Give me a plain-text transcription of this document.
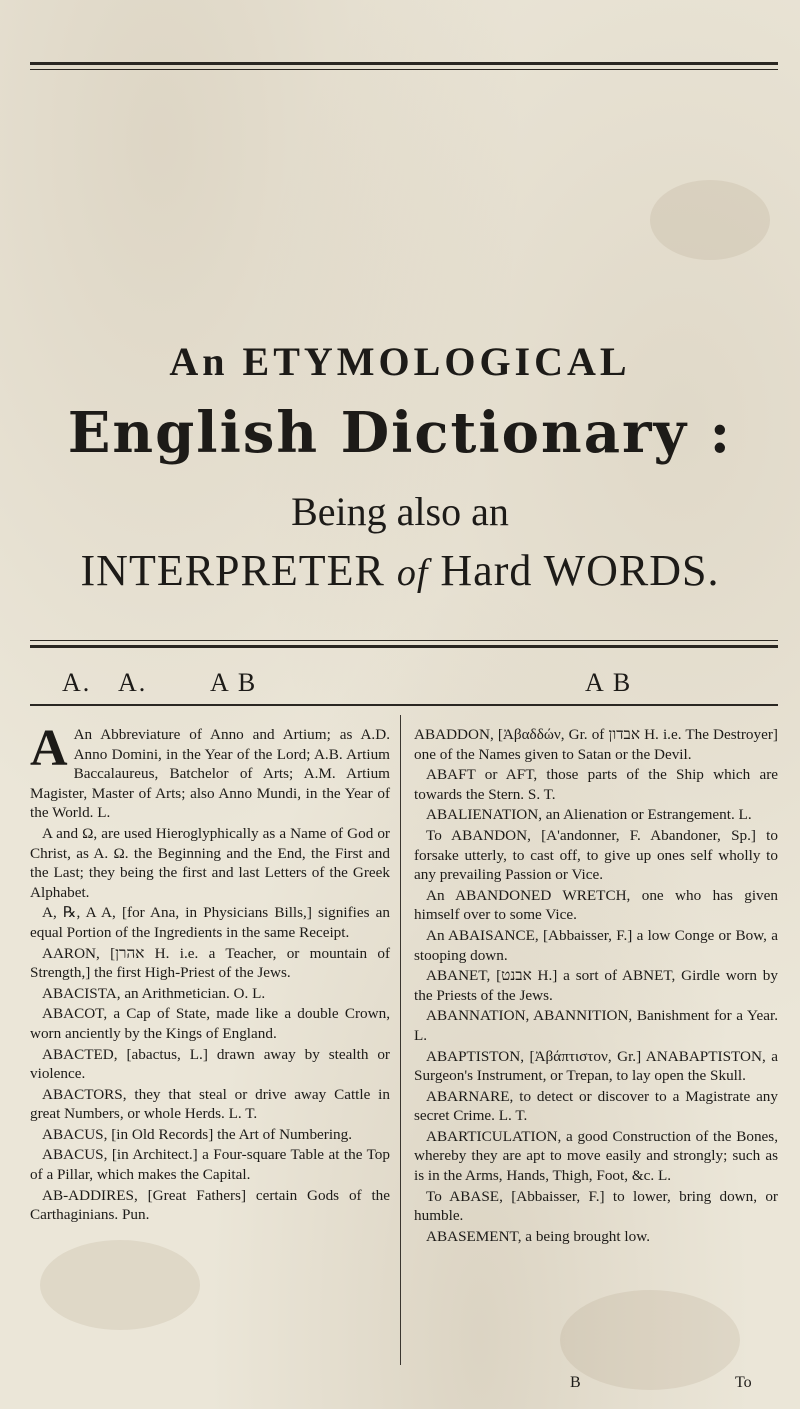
An ETYMOLOGICAL
English Dictionary :
Being also an
INTERPRETER of Hard WORDS.
A. A. A B	A B

A An Abbreviature of Anno and Artium; as A.D. Anno Domini, in the Year of the Lord; A.B. Artium Baccalaureus, Batchelor of Arts; A.M. Artium Magister, Master of Arts; also Anno Mundi, in the Year of the World. L.

A and Ω, are used Hieroglyphically as a Name of God or Christ, as A. Ω. the Beginning and the End, the First and the Last; they being the first and last Letters of the Greek Alphabet.

A, ℞, A A, [for Ana, in Physicians Bills,] signifies an equal Portion of the Ingredients in the same Receipt.

AARON, [אהרן H. i.e. a Teacher, or mountain of Strength,] the first High-Priest of the Jews.

ABACISTA, an Arithmetician. O. L.

ABACOT, a Cap of State, made like a double Crown, worn anciently by the Kings of England.

ABACTED, [abactus, L.] drawn away by stealth or violence.

ABACTORS, they that steal or drive away Cattle in great Numbers, or whole Herds. L. T.

ABACUS, [in Old Records] the Art of Numbering.

ABACUS, [in Architect.] a Four-square Table at the Top of a Pillar, which makes the Capital.

AB-ADDIRES, [Great Fathers] certain Gods of the Carthaginians. Pun.

ABADDON, [Ἀβαδδών, Gr. of אבדון H. i.e. The Destroyer] one of the Names given to Satan or the Devil.

ABAFT or AFT, those parts of the Ship which are towards the Stern. S. T.

ABALIENATION, an Alienation or Estrangement. L.

To ABANDON, [A'andonner, F. Abandoner, Sp.] to forsake utterly, to cast off, to give up ones self wholly to any prevailing Passion or Vice.

An ABANDONED WRETCH, one who has given himself over to some Vice.

An ABAISANCE, [Abbaisser, F.] a low Conge or Bow, a stooping down.

ABANET, [אבנט H.] a sort of ABNET, Girdle worn by the Priests of the Jews.

ABANNATION, ABANNITION, Banishment for a Year. L.

ABAPTISTON, [Ἀβάπτιστον, Gr.] ANABAPTISTON, a Surgeon's Instrument, or Trepan, to lay open the Skull.

ABARNARE, to detect or discover to a Magistrate any secret Crime. L. T.

ABARTICULATION, a good Construction of the Bones, whereby they are apt to move easily and strongly; such as is in the Arms, Hands, Thigh, Foot, &c. L.

To ABASE, [Abbaisser, F.] to lower, bring down, or humble.

ABASEMENT, a being brought low.

B	To
